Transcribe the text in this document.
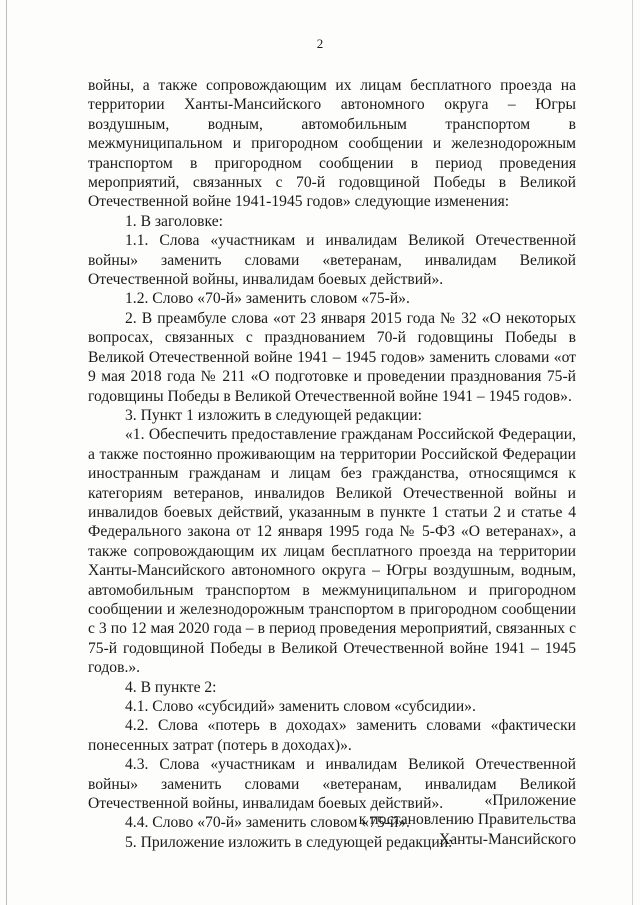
2

войны, а также сопровождающим их лицам бесплатного проезда на территории Ханты-Мансийского автономного округа – Югры воздушным, водным, автомобильным транспортом в межмуниципальном и пригородном сообщении и железнодорожным транспортом в пригородном сообщении в период проведения мероприятий, связанных с 70-й годовщиной Победы в Великой Отечественной войне 1941-1945 годов» следующие изменения:

1. В заголовке:

1.1. Слова «участникам и инвалидам Великой Отечественной войны» заменить словами «ветеранам, инвалидам Великой Отечественной войны, инвалидам боевых действий».

1.2. Слово «70-й» заменить словом «75-й».

2. В преамбуле слова «от 23 января 2015 года № 32 «О некоторых вопросах, связанных с празднованием 70-й годовщины Победы в Великой Отечественной войне 1941 – 1945 годов» заменить словами «от 9 мая 2018 года № 211 «О подготовке и проведении празднования 75-й годовщины Победы в Великой Отечественной войне 1941 – 1945 годов».

3. Пункт 1 изложить в следующей редакции:

«1. Обеспечить предоставление гражданам Российской Федерации, а также постоянно проживающим на территории Российской Федерации иностранным гражданам и лицам без гражданства, относящимся к категориям ветеранов, инвалидов Великой Отечественной войны и инвалидов боевых действий, указанным в пункте 1 статьи 2 и статье 4 Федерального закона от 12 января 1995 года № 5-ФЗ «О ветеранах», а также сопровождающим их лицам бесплатного проезда на территории Ханты-Мансийского автономного округа – Югры воздушным, водным, автомобильным транспортом в межмуниципальном и пригородном сообщении и железнодорожным транспортом в пригородном сообщении с 3 по 12 мая 2020 года – в период проведения мероприятий, связанных с 75-й годовщиной Победы в Великой Отечественной войне 1941 – 1945 годов.».

4. В пункте 2:

4.1. Слово «субсидий» заменить словом «субсидии».

4.2. Слова «потерь в доходах» заменить словами «фактически понесенных затрат (потерь в доходах)».

4.3. Слова «участникам и инвалидам Великой Отечественной войны» заменить словами «ветеранам, инвалидам Великой Отечественной войны, инвалидам боевых действий».

4.4. Слово «70-й» заменить словом «75-й».

5. Приложение изложить в следующей редакции:

«Приложение
к постановлению Правительства
Ханты-Мансийского
